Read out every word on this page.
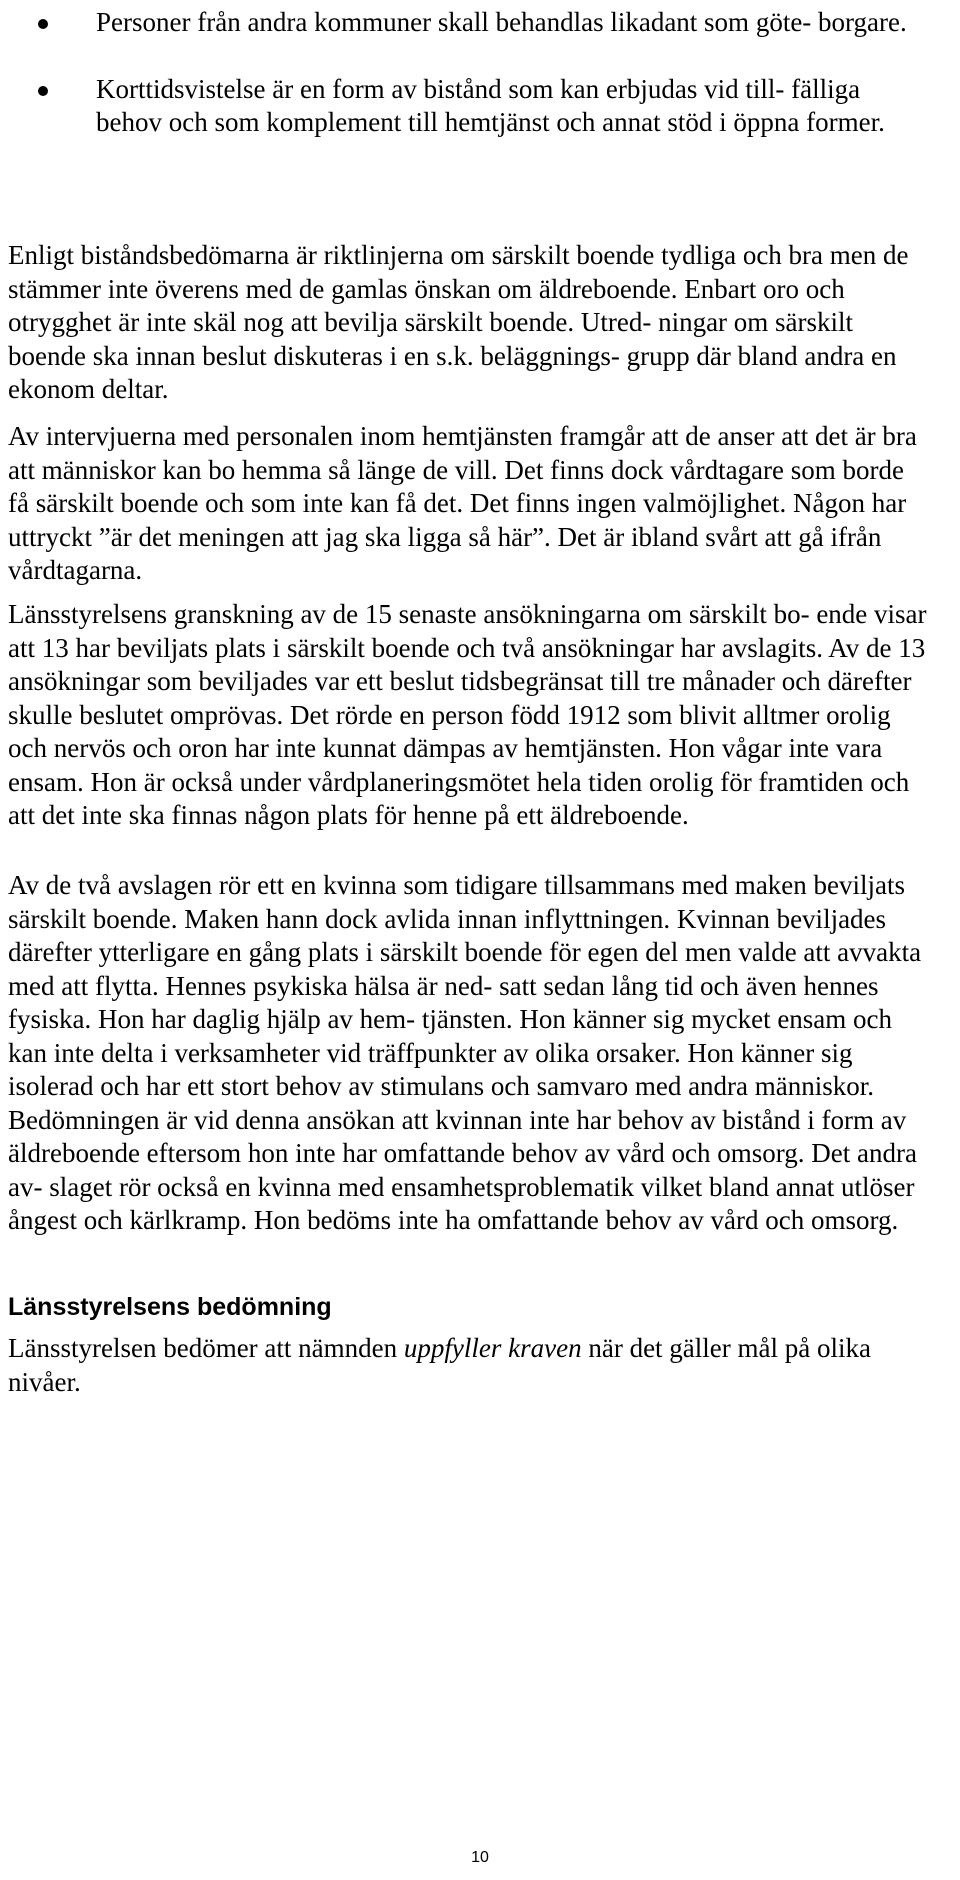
Personer från andra kommuner skall behandlas likadant som göte- borgare.
Korttidsvistelse är en form av bistånd som kan erbjudas vid till- fälliga behov och som komplement till hemtjänst och annat stöd i öppna former.

Enligt biståndsbedömarna är riktlinjerna om särskilt boende tydliga och bra men de stämmer inte överens med de gamlas önskan om äldreboende. Enbart oro och otrygghet är inte skäl nog att bevilja särskilt boende. Utred- ningar om särskilt boende ska innan beslut diskuteras i en s.k. beläggnings- grupp där bland andra en ekonom deltar.

Av intervjuerna med personalen inom hemtjänsten framgår att de anser att det är bra att människor kan bo hemma så länge de vill. Det finns dock vårdtagare som borde få särskilt boende och som inte kan få det. Det finns ingen valmöjlighet. Någon har uttryckt ”är det meningen att jag ska ligga så här”. Det är ibland svårt att gå ifrån vårdtagarna.

Länsstyrelsens granskning av de 15 senaste ansökningarna om särskilt bo- ende visar att 13 har beviljats plats i särskilt boende och två ansökningar har avslagits. Av de 13 ansökningar som beviljades var ett beslut tidsbegränsat till tre månader och därefter skulle beslutet omprövas. Det rörde en person född 1912 som blivit alltmer orolig och nervös och oron har inte kunnat dämpas av hemtjänsten. Hon vågar inte vara ensam. Hon är också under vårdplaneringsmötet hela tiden orolig för framtiden och att det inte ska finnas någon plats för henne på ett äldreboende.

Av de två avslagen rör ett en kvinna som tidigare tillsammans med maken beviljats särskilt boende. Maken hann dock avlida innan inflyttningen. Kvinnan beviljades därefter ytterligare en gång plats i särskilt boende för egen del men valde att avvakta med att flytta. Hennes psykiska hälsa är ned- satt sedan lång tid och även hennes fysiska. Hon har daglig hjälp av hem- tjänsten. Hon känner sig mycket ensam och kan inte delta i verksamheter vid träffpunkter av olika orsaker. Hon känner sig isolerad och har ett stort behov av stimulans och samvaro med andra människor. Bedömningen är vid denna ansökan att kvinnan inte har behov av bistånd i form av äldreboende eftersom hon inte har omfattande behov av vård och omsorg. Det andra av- slaget rör också en kvinna med ensamhetsproblematik vilket bland annat utlöser ångest och kärlkramp. Hon bedöms inte ha omfattande behov av vård och omsorg.

Länsstyrelsens bedömning

Länsstyrelsen bedömer att nämnden uppfyller kraven när det gäller mål på olika nivåer.

10
